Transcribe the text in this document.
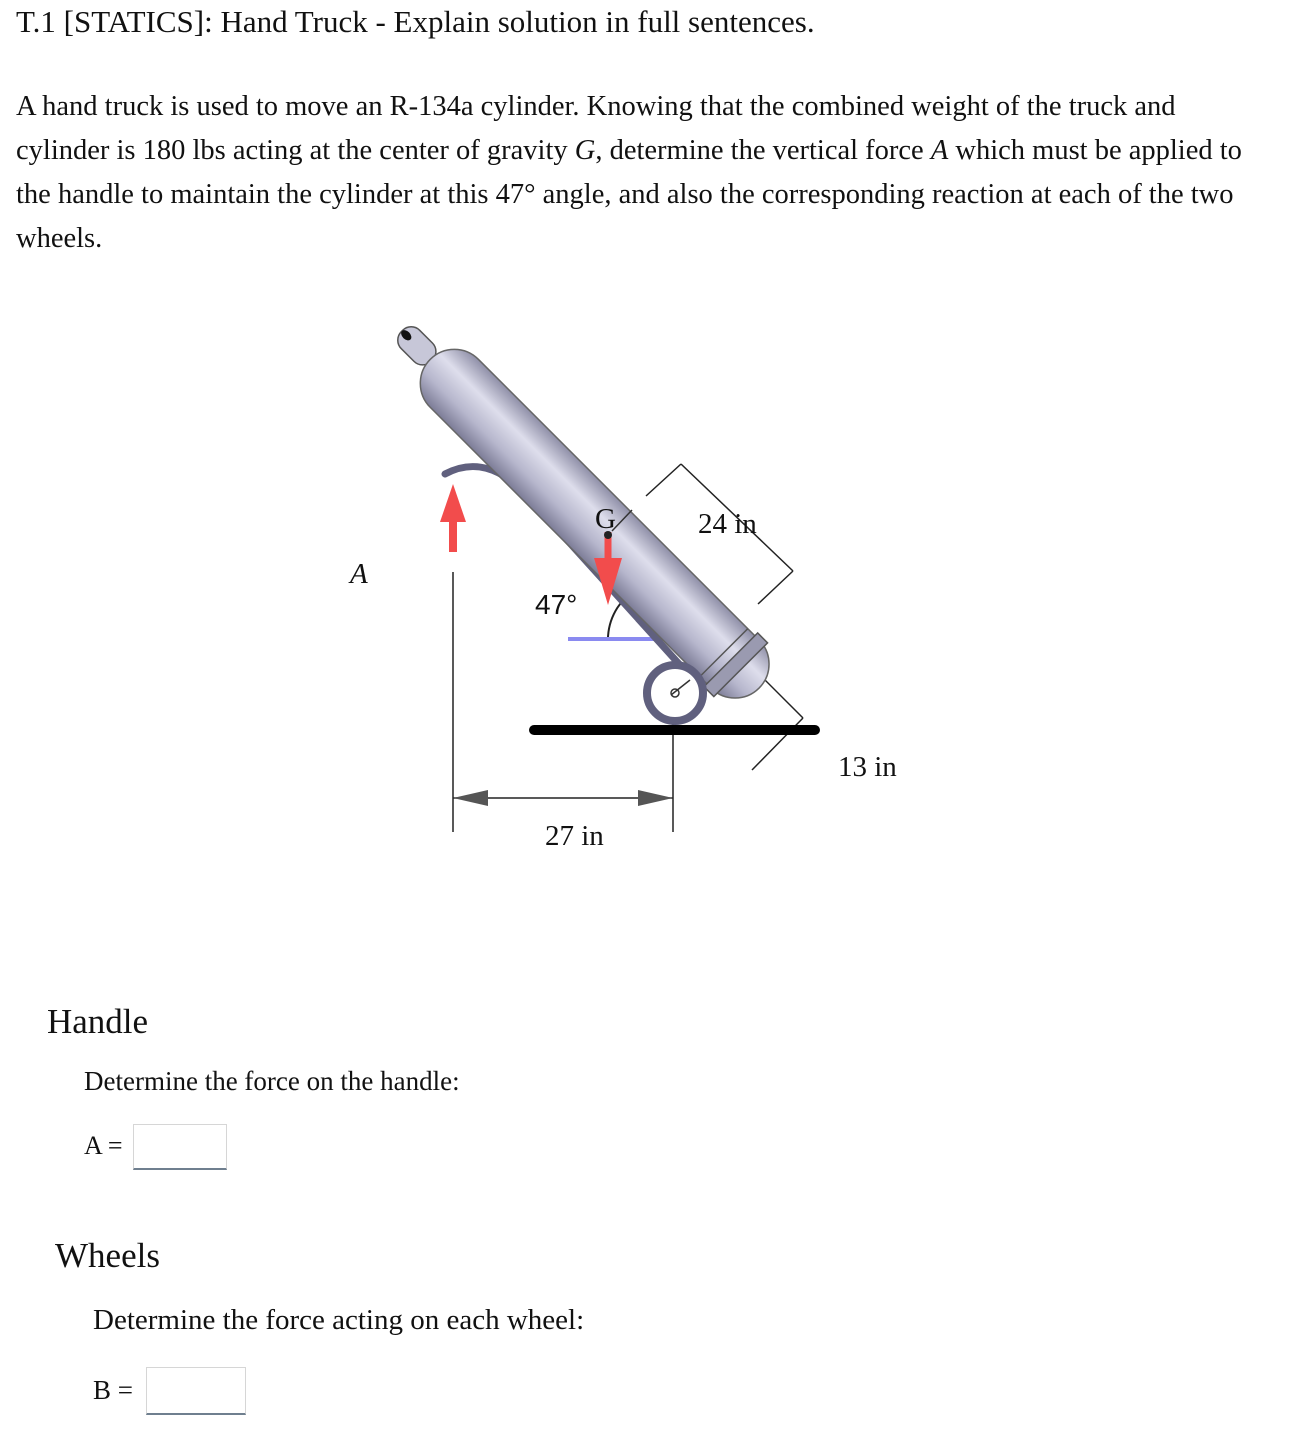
T.1 [STATICS]: Hand Truck - Explain solution in full sentences.
A hand truck is used to move an R-134a cylinder. Knowing that the combined weight of the truck and cylinder is 180 lbs acting at the center of gravity G, determine the vertical force A which must be applied to the handle to maintain the cylinder at this 47° angle, and also the corresponding reaction at each of the two wheels.
A
G
47°
24 in
13 in
27 in
Handle
Determine the force on the handle:
A =
Wheels
Determine the force acting on each wheel:
B =
